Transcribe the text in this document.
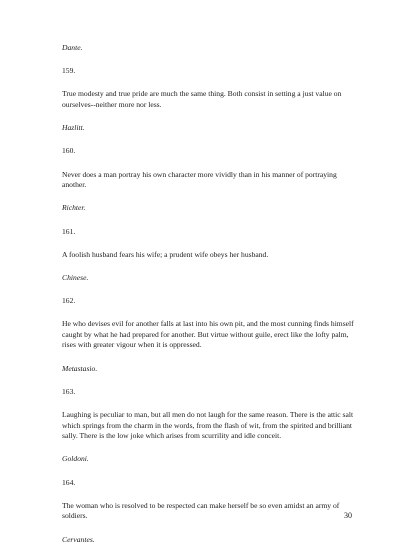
Dante.

159.

True modesty and true pride are much the same thing. Both consist in setting a just value on ourselves--neither more nor less.

Hazlitt.

160.

Never does a man portray his own character more vividly than in his manner of portraying another.

Richter.

161.

A foolish husband fears his wife; a prudent wife obeys her husband.

Chinese.

162.

He who devises evil for another falls at last into his own pit, and the most cunning finds himself caught by what he had prepared for another. But virtue without guile, erect like the lofty palm, rises with greater vigour when it is oppressed.

Metastasio.

163.

Laughing is peculiar to man, but all men do not laugh for the same reason. There is the attic salt which springs from the charm in the words, from the flash of wit, from the spirited and brilliant sally. There is the low joke which arises from scurrility and idle conceit.

Goldoni.

164.

The woman who is resolved to be respected can make herself be so even amidst an army of soldiers.

Cervantes.

30
